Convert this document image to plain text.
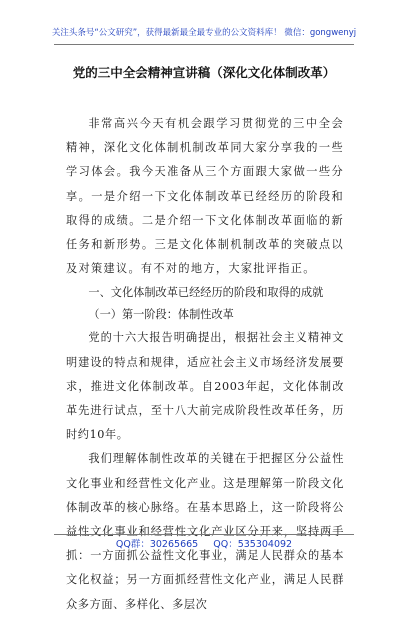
关注头条号“公文研究”，获得最新最全最专业的公文资料库！ 微信：gongwenyj
党的三中全会精神宣讲稿（深化文化体制改革）

非常高兴今天有机会跟学习贯彻党的三中全会精神，深化文化体制机制改革同大家分享我的一些学习体会。我今天准备从三个方面跟大家做一些分享。一是介绍一下文化体制改革已经经历的阶段和取得的成绩。二是介绍一下文化体制改革面临的新任务和新形势。三是文化体制机制改革的突破点以及对策建议。有不对的地方，大家批评指正。

一、文化体制改革已经经历的阶段和取得的成就

（一）第一阶段：体制性改革

党的十六大报告明确提出，根据社会主义精神文明建设的特点和规律，适应社会主义市场经济发展要求，推进文化体制改革。自2003年起，文化体制改革先进行试点，至十八大前完成阶段性改革任务，历时约10年。

我们理解体制性改革的关键在于把握区分公益性文化事业和经营性文化产业。这是理解第一阶段文化体制改革的核心脉络。在基本思路上，这一阶段将公益性文化事业和经营性文化产业区分开来，坚持两手抓：一方面抓公益性文化事业，满足人民群众的基本文化权益；另一方面抓经营性文化产业，满足人民群众多方面、多样化、多层次

QQ群：30265665 QQ：535304092
